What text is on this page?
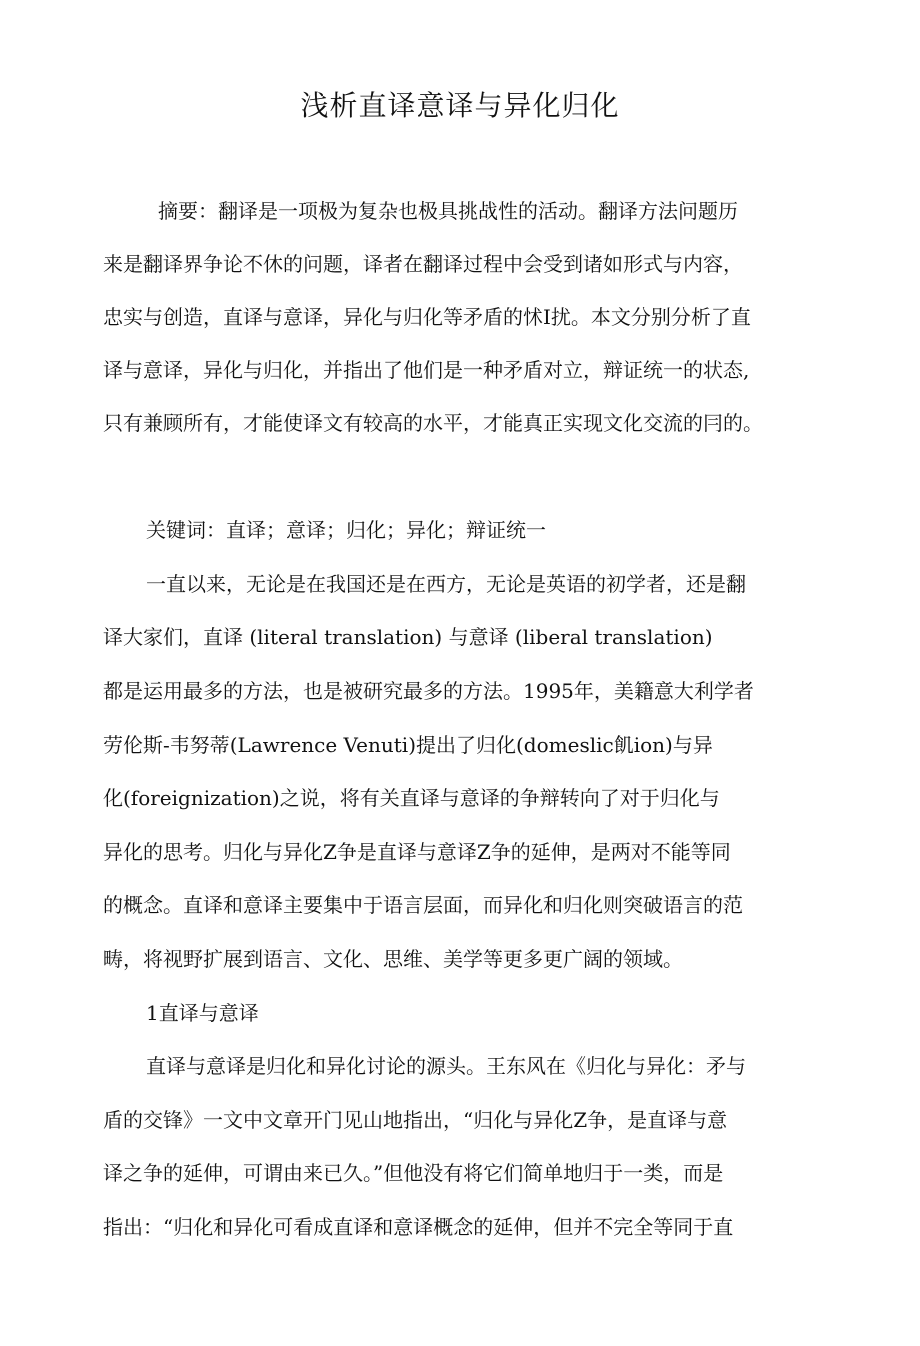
浅析直译意译与异化归化

摘要：翻译是一项极为复杂也极具挑战性的活动。翻译方法问题历

来是翻译界争论不休的问题，译者在翻译过程中会受到诸如形式与内容，

忠实与创造，直译与意译，异化与归化等矛盾的怵I扰。本文分别分析了直

译与意译，异化与归化，并指出了他们是一种矛盾对立，辩证统一的状态,

只有兼顾所有，才能使译文有较高的水平，才能真正实现文化交流的冃的。

关键词：直译；意译；归化；异化；辩证统一

一直以来，无论是在我国还是在西方，无论是英语的初学者，还是翻

译大家们，直译 (literal translation) 与意译 (liberal translation)

都是运用最多的方法，也是被研究最多的方法。1995年，美籍意大利学者

劳伦斯-韦努蒂(Lawrence Venuti)提出了归化(domeslic飢ion)与异

化(foreignization)之说，将有关直译与意译的争辩转向了对于归化与

异化的思考。归化与异化Z争是直译与意译Z争的延伸，是两对不能等同

的概念。直译和意译主要集中于语言层面，而异化和归化则突破语言的范

畴，将视野扩展到语言、文化、思维、美学等更多更广阔的领域。

1直译与意译

直译与意译是归化和异化讨论的源头。王东风在《归化与异化：矛与

盾的交锋》一文中文章开门见山地指出，“归化与异化Z争，是直译与意

译之争的延伸，可谓由来已久。”但他没有将它们简单地归于一类，而是

指出：“归化和异化可看成直译和意译概念的延伸，但并不完全等同于直
